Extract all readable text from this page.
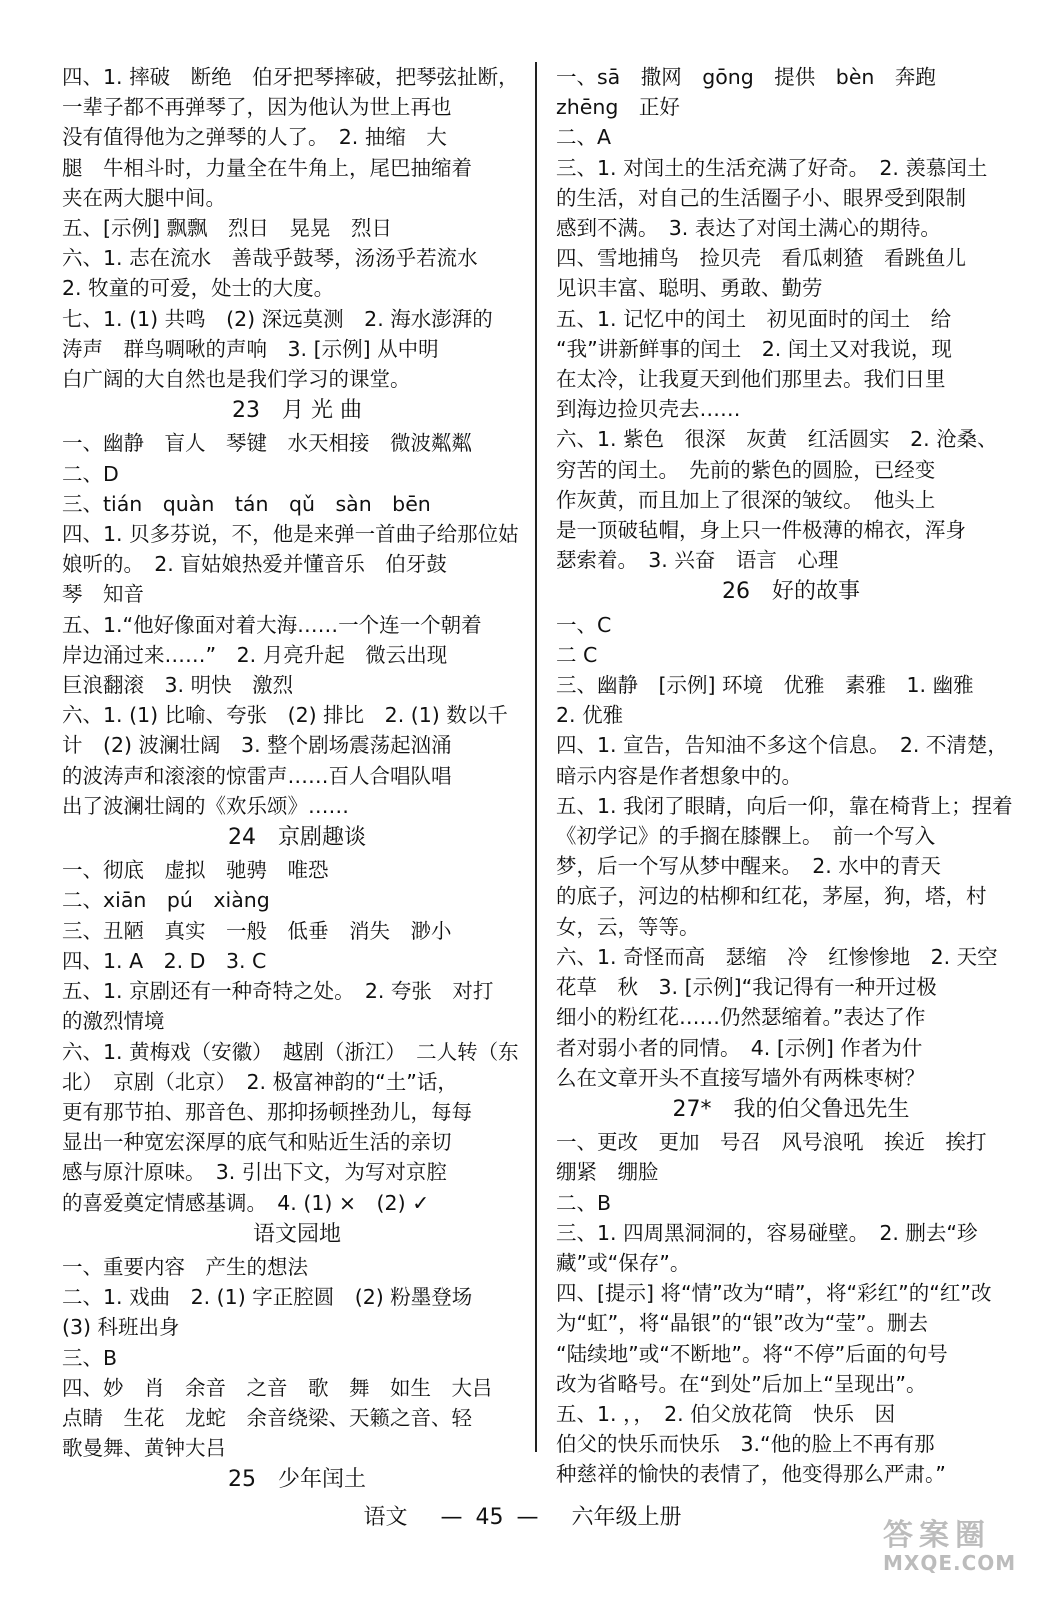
四、1. 摔破　断绝　伯牙把琴摔破，把琴弦扯断，
一辈子都不再弹琴了，因为他认为世上再也
没有值得他为之弹琴的人了。　2. 抽缩　大
腿　牛相斗时，力量全在牛角上，尾巴抽缩着
夹在两大腿中间。
五、[示例] 飘飘　烈日　晃晃　烈日
六、1. 志在流水　善哉乎鼓琴，汤汤乎若流水
2. 牧童的可爱，处士的大度。
七、1. (1) 共鸣　(2) 深远莫测　2. 海水澎湃的
涛声　群鸟啁啾的声响　3. [示例] 从中明
白广阔的大自然也是我们学习的课堂。
23　月 光 曲
一、幽静　盲人　琴键　水天相接　微波粼粼
二、D
三、tián　quàn　tán　qǔ　sàn　bēn
四、1. 贝多芬说，不，他是来弹一首曲子给那位姑
娘听的。　2. 盲姑娘热爱并懂音乐　伯牙鼓
琴　知音
五、1.“他好像面对着大海……一个连一个朝着
岸边涌过来……”　2. 月亮升起　微云出现
巨浪翻滚　3. 明快　激烈
六、1. (1) 比喻、夸张　(2) 排比　2. (1) 数以千
计　(2) 波澜壮阔　3. 整个剧场震荡起汹涌
的波涛声和滚滚的惊雷声……百人合唱队唱
出了波澜壮阔的《欢乐颂》……
24　京剧趣谈
一、彻底　虚拟　驰骋　唯恐
二、xiān　pú　xiàng
三、丑陋　真实　一般　低垂　消失　渺小
四、1. A　2. D　3. C
五、1. 京剧还有一种奇特之处。　2. 夸张　对打
的激烈情境
六、1. 黄梅戏（安徽）　越剧（浙江）　二人转（东
北）　京剧（北京）　2. 极富神韵的“土”话，
更有那节拍、那音色、那抑扬顿挫劲儿，每每
显出一种宽宏深厚的底气和贴近生活的亲切
感与原汁原味。　3. 引出下文，为写对京腔
的喜爱奠定情感基调。　4. (1) ×　(2) ✓
语文园地
一、重要内容　产生的想法
二、1. 戏曲　2. (1) 字正腔圆　(2) 粉墨登场
(3) 科班出身
三、B
四、妙　肖　余音　之音　歌　舞　如生　大吕
点睛　生花　龙蛇　余音绕梁、天籁之音、轻
歌曼舞、黄钟大吕
25　少年闰土
一、sā　撒网　gōng　提供　bèn　奔跑
zhēng　正好
二、A
三、1. 对闰土的生活充满了好奇。　2. 羡慕闰土
的生活，对自己的生活圈子小、眼界受到限制
感到不满。　3. 表达了对闰土满心的期待。
四、雪地捕鸟　捡贝壳　看瓜刺猹　看跳鱼儿
见识丰富、聪明、勇敢、勤劳
五、1. 记忆中的闰土　初见面时的闰土　给
“我”讲新鲜事的闰土　2. 闰土又对我说，现
在太冷，让我夏天到他们那里去。我们日里
到海边捡贝壳去……
六、1. 紫色　很深　灰黄　红活圆实　2. 沧桑、
穷苦的闰土。　先前的紫色的圆脸，已经变
作灰黄，而且加上了很深的皱纹。　他头上
是一顶破毡帽，身上只一件极薄的棉衣，浑身
瑟索着。　3. 兴奋　语言　心理
26　好的故事
一、C
二 C
三、幽静　[示例] 环境　优雅　素雅　1. 幽雅
2. 优雅
四、1. 宣告，告知油不多这个信息。　2. 不清楚，
暗示内容是作者想象中的。
五、1. 我闭了眼睛，向后一仰，靠在椅背上；捏着
《初学记》的手搁在膝髁上。　前一个写入
梦，后一个写从梦中醒来。　2. 水中的青天
的底子，河边的枯柳和红花，茅屋，狗，塔，村
女，云，等等。
六、1. 奇怪而高　瑟缩　冷　红惨惨地　2. 天空
花草　秋　3. [示例]“我记得有一种开过极
细小的粉红花……仍然瑟缩着。”表达了作
者对弱小者的同情。　4. [示例] 作者为什
么在文章开头不直接写墙外有两株枣树？
27*　我的伯父鲁迅先生
一、更改　更加　号召　风号浪吼　挨近　挨打
绷紧　绷脸
二、B
三、1. 四周黑洞洞的，容易碰壁。　2. 删去“珍
藏”或“保存”。
四、[提示] 将“情”改为“晴”，将“彩红”的“红”改
为“虹”，将“晶银”的“银”改为“莹”。删去
“陆续地”或“不断地”。将“不停”后面的句号
改为省略号。在“到处”后加上“呈现出”。
五、1. ，，　2. 伯父放花筒　快乐　因
伯父的快乐而快乐　3.“他的脸上不再有那
种慈祥的愉快的表情了，他变得那么严肃。”
语文 — 45 — 六年级上册
答案圈
MXQE.COM
